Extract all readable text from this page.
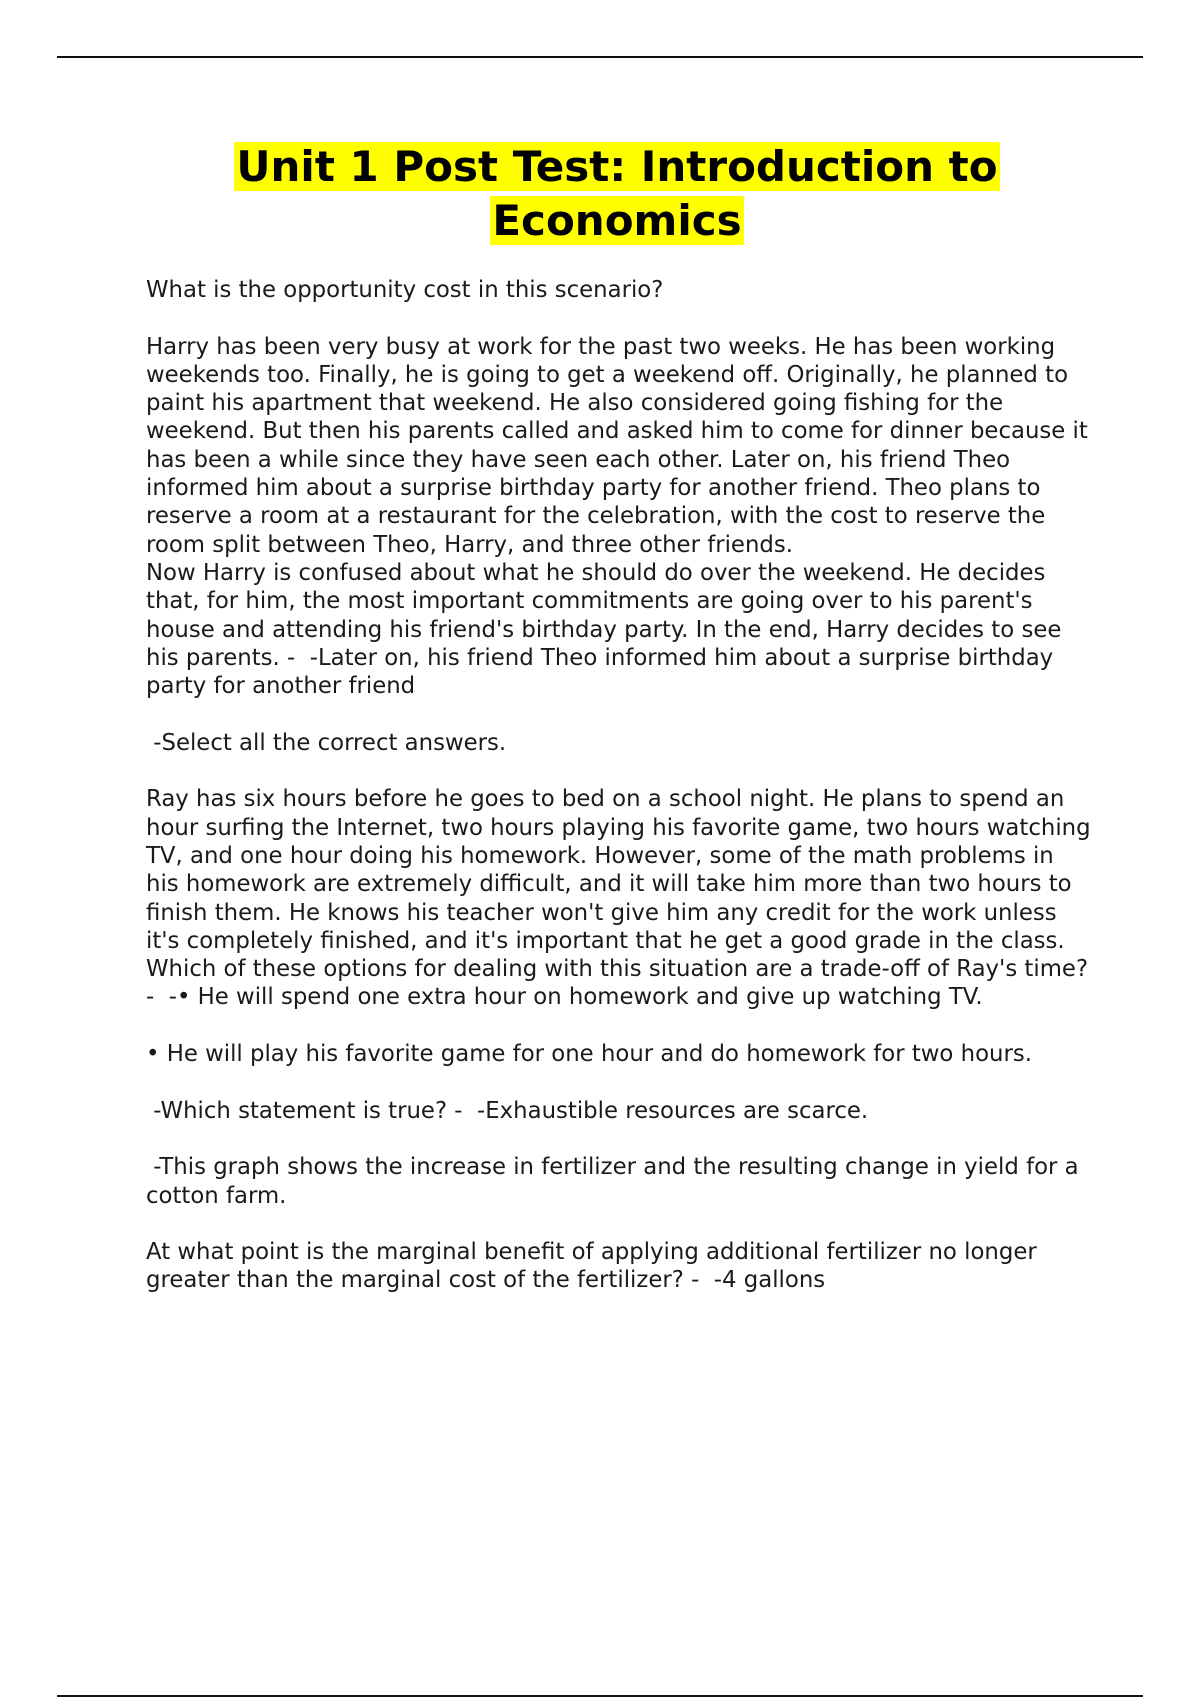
Unit 1 Post Test: Introduction to
Economics

What is the opportunity cost in this scenario?

Harry has been very busy at work for the past two weeks. He has been working weekends too. Finally, he is going to get a weekend off. Originally, he planned to paint his apartment that weekend. He also considered going fishing for the weekend. But then his parents called and asked him to come for dinner because it has been a while since they have seen each other. Later on, his friend Theo informed him about a surprise birthday party for another friend. Theo plans to reserve a room at a restaurant for the celebration, with the cost to reserve the room split between Theo, Harry, and three other friends.
Now Harry is confused about what he should do over the weekend. He decides that, for him, the most important commitments are going over to his parent's house and attending his friend's birthday party. In the end, Harry decides to see his parents. -  -Later on, his friend Theo informed him about a surprise birthday party for another friend

-Select all the correct answers.

Ray has six hours before he goes to bed on a school night. He plans to spend an hour surfing the Internet, two hours playing his favorite game, two hours watching TV, and one hour doing his homework. However, some of the math problems in his homework are extremely difficult, and it will take him more than two hours to finish them. He knows his teacher won't give him any credit for the work unless it's completely finished, and it's important that he get a good grade in the class. Which of these options for dealing with this situation are a trade-off of Ray's time? -  -• He will spend one extra hour on homework and give up watching TV.

• He will play his favorite game for one hour and do homework for two hours.

-Which statement is true? -  -Exhaustible resources are scarce.

-This graph shows the increase in fertilizer and the resulting change in yield for a cotton farm.

At what point is the marginal benefit of applying additional fertilizer no longer greater than the marginal cost of the fertilizer? -  -4 gallons
